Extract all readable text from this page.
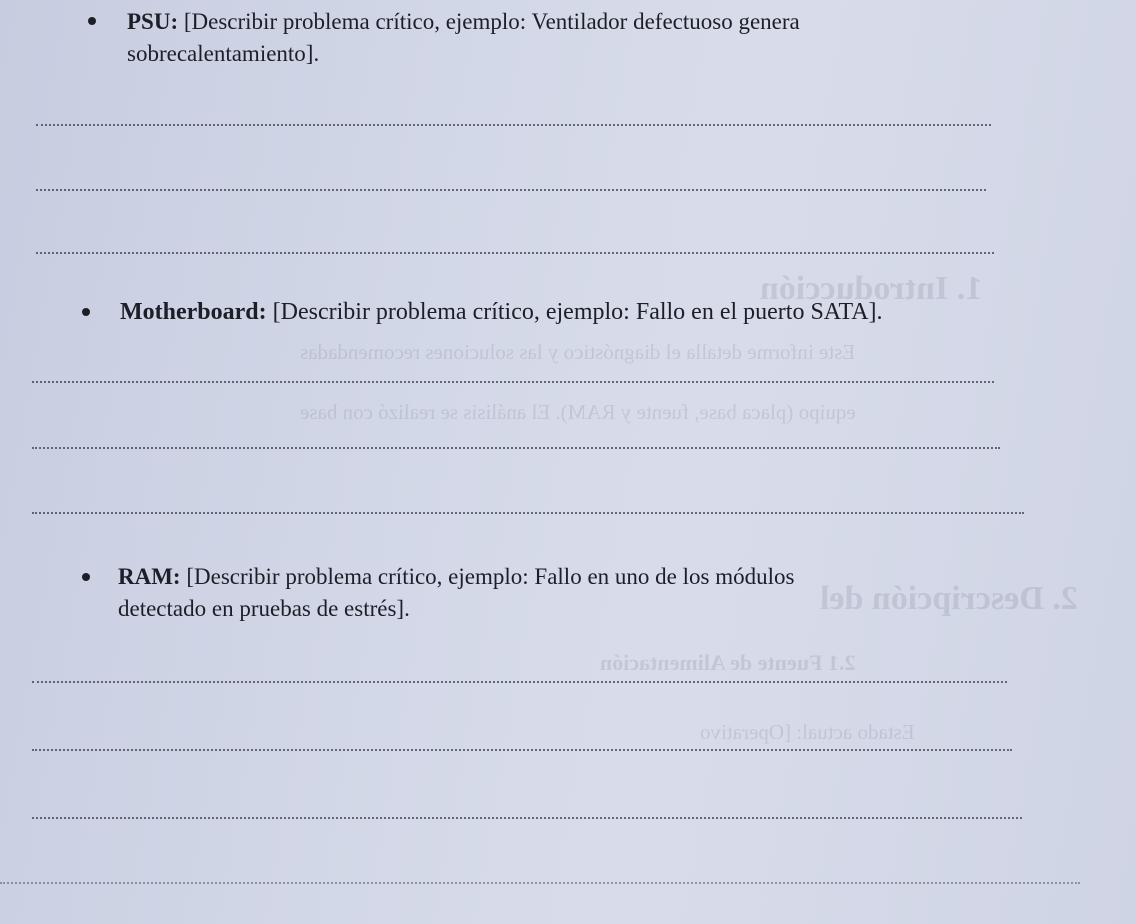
1. Introducción
2. Descripción del
2.1 Fuente de Alimentación
Este informe detalla el diagnóstico y las soluciones recomendadas
equipo (placa base, fuente y RAM). El análisis se realizó con base
Estado actual: [Operativo
PSU: [Describir problema crítico, ejemplo: Ventilador defectuoso genera
sobrecalentamiento].
Motherboard: [Describir problema crítico, ejemplo: Fallo en el puerto SATA].
RAM: [Describir problema crítico, ejemplo: Fallo en uno de los módulos
detectado en pruebas de estrés].
